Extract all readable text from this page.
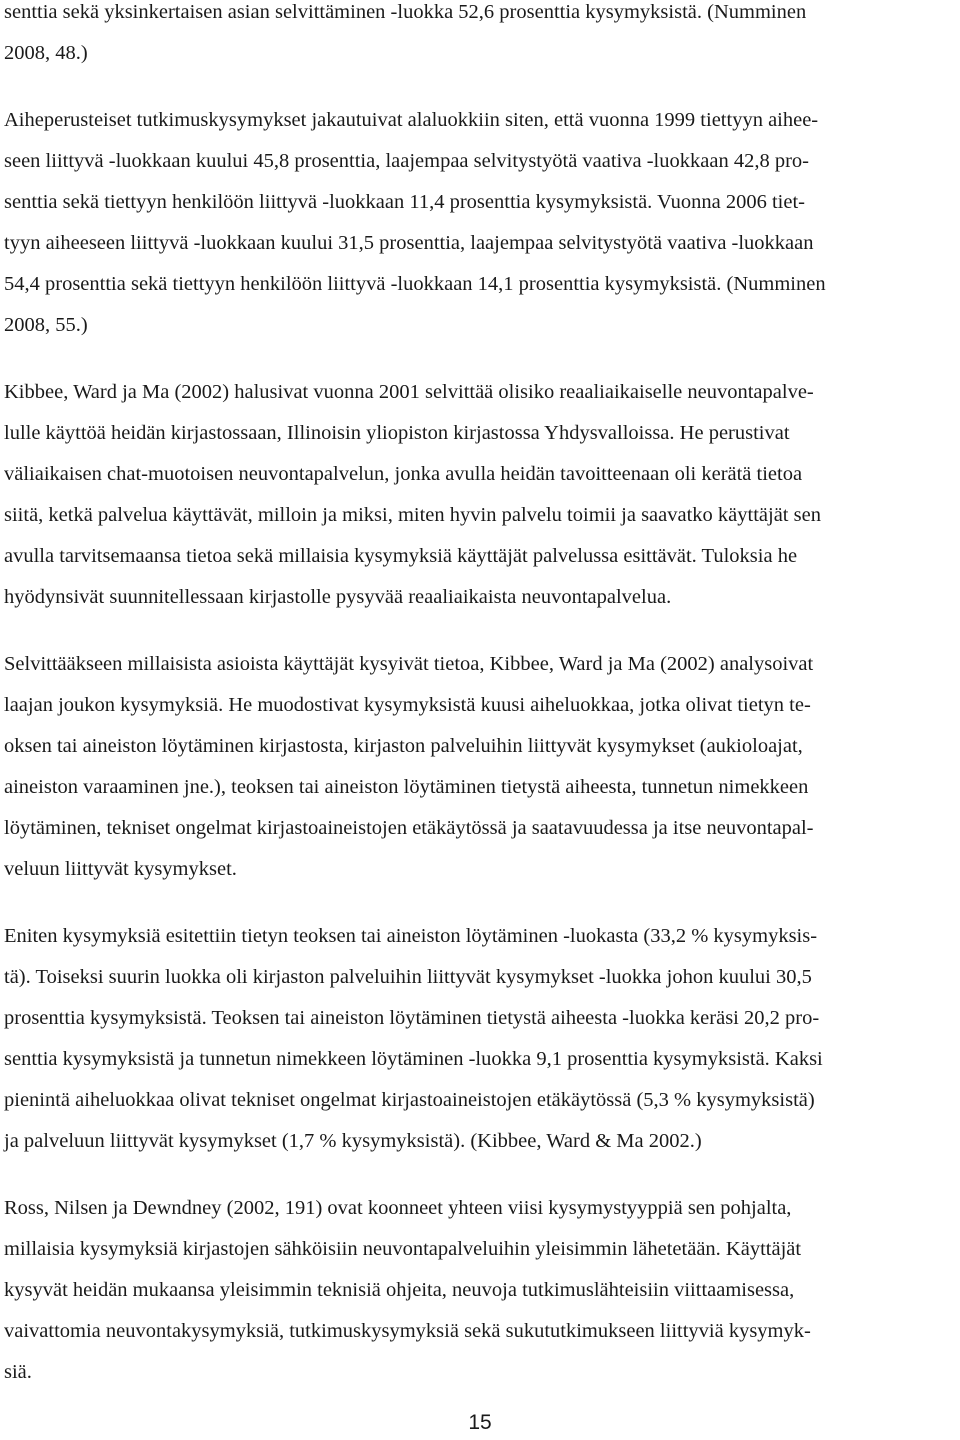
senttia sekä yksinkertaisen asian selvittäminen -luokka 52,6 prosenttia kysymyksistä. (Numminen
2008, 48.)
Aiheperusteiset tutkimuskysymykset jakautuivat alaluokkiin siten, että vuonna 1999 tiettyyn aihee-
seen liittyvä -luokkaan kuului 45,8 prosenttia, laajempaa selvitystyötä vaativa -luokkaan 42,8 pro-
senttia sekä tiettyyn henkilöön liittyvä -luokkaan 11,4 prosenttia kysymyksistä. Vuonna 2006 tiet-
tyyn aiheeseen liittyvä -luokkaan kuului 31,5 prosenttia, laajempaa selvitystyötä vaativa -luokkaan
54,4 prosenttia sekä tiettyyn henkilöön liittyvä -luokkaan 14,1 prosenttia kysymyksistä. (Numminen
2008, 55.)
Kibbee, Ward ja Ma (2002) halusivat vuonna 2001 selvittää olisiko reaaliaikaiselle neuvontapalve-
lulle käyttöä heidän kirjastossaan, Illinoisin yliopiston kirjastossa Yhdysvalloissa. He perustivat
väliaikaisen chat-muotoisen neuvontapalvelun, jonka avulla heidän tavoitteenaan oli kerätä tietoa
siitä, ketkä palvelua käyttävät, milloin ja miksi, miten hyvin palvelu toimii ja saavatko käyttäjät sen
avulla tarvitsemaansa tietoa sekä millaisia kysymyksiä käyttäjät palvelussa esittävät. Tuloksia he
hyödynsivät suunnitellessaan kirjastolle pysyvää reaaliaikaista neuvontapalvelua.
Selvittääkseen millaisista asioista käyttäjät kysyivät tietoa, Kibbee, Ward ja Ma (2002) analysoivat
laajan joukon kysymyksiä. He muodostivat kysymyksistä kuusi aiheluokkaa, jotka olivat tietyn te-
oksen tai aineiston löytäminen kirjastosta, kirjaston palveluihin liittyvät kysymykset (aukioloajat,
aineiston varaaminen jne.), teoksen tai aineiston löytäminen tietystä aiheesta, tunnetun nimekkeen
löytäminen, tekniset ongelmat kirjastoaineistojen etäkäytössä ja saatavuudessa ja itse neuvontapal-
veluun liittyvät kysymykset.
Eniten kysymyksiä esitettiin tietyn teoksen tai aineiston löytäminen -luokasta (33,2 % kysymyksis-
tä). Toiseksi suurin luokka oli kirjaston palveluihin liittyvät kysymykset -luokka johon kuului 30,5
prosenttia kysymyksistä. Teoksen tai aineiston löytäminen tietystä aiheesta -luokka keräsi 20,2 pro-
senttia kysymyksistä ja tunnetun nimekkeen löytäminen -luokka 9,1 prosenttia kysymyksistä. Kaksi
pienintä aiheluokkaa olivat tekniset ongelmat kirjastoaineistojen etäkäytössä (5,3 % kysymyksistä)
ja palveluun liittyvät kysymykset (1,7 % kysymyksistä). (Kibbee, Ward & Ma 2002.)
Ross, Nilsen ja Dewndney (2002, 191) ovat koonneet yhteen viisi kysymystyyppiä sen pohjalta,
millaisia kysymyksiä kirjastojen sähköisiin neuvontapalveluihin yleisimmin lähetetään. Käyttäjät
kysyvät heidän mukaansa yleisimmin teknisiä ohjeita, neuvoja tutkimuslähteisiin viittaamisessa,
vaivattomia neuvontakysymyksiä, tutkimuskysymyksiä sekä sukututkimukseen liittyviä kysymyk-
siä.
15
